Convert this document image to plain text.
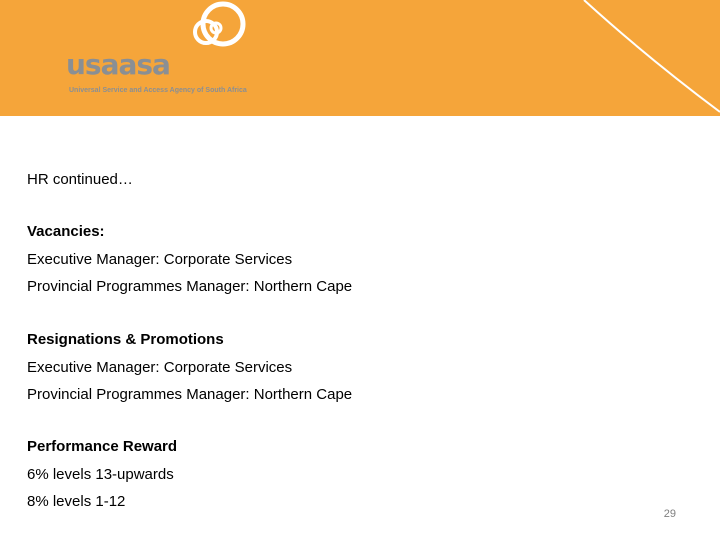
usaasa
Universal Service and Access Agency of South Africa
HR continued…
Vacancies:
Executive Manager: Corporate Services
Provincial Programmes Manager: Northern Cape
Resignations & Promotions
Executive Manager: Corporate Services
Provincial Programmes Manager: Northern Cape
Performance Reward
6% levels 13-upwards
8% levels 1-12
29
